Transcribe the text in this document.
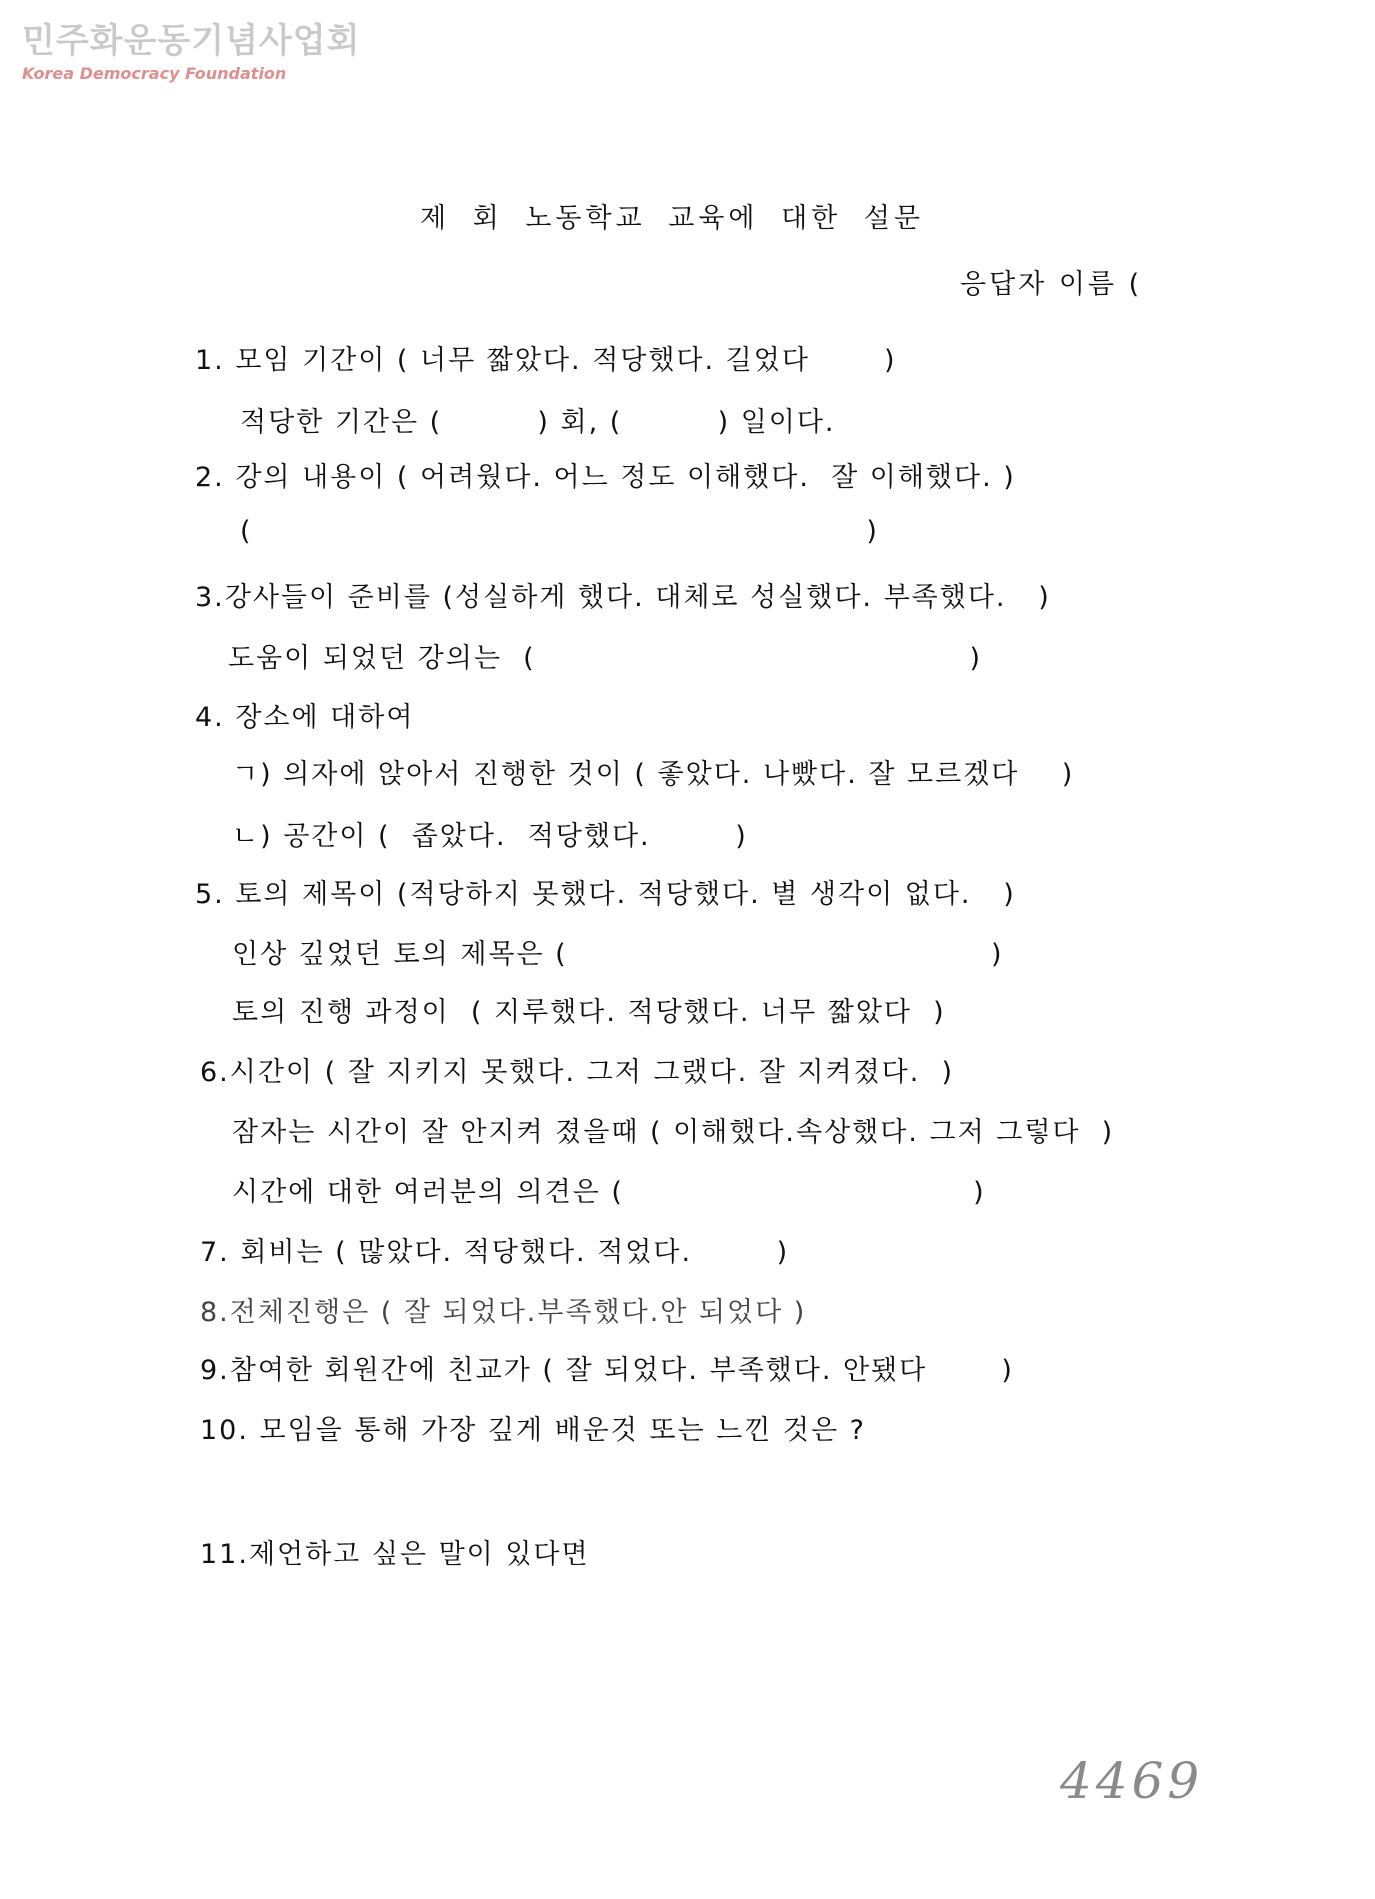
민주화운동기념사업회
Korea Democracy Foundation
제 회 노동학교 교육에 대한 설문
응답자 이름 (
1. 모임 기간이 ( 너무 짧았다. 적당했다. 길었다       )
적당한 기간은 (         ) 회, (         ) 일이다.
2. 강의 내용이 ( 어려웠다. 어느 정도 이해했다.  잘 이해했다. )
(                                                          )
3.강사들이 준비를 (성실하게 했다. 대체로 성실했다. 부족했다.   )
도움이 되었던 강의는  (                                         )
4. 장소에 대하여
ㄱ) 의자에 앉아서 진행한 것이 ( 좋았다. 나빴다. 잘 모르겠다    )
ㄴ) 공간이 (  좁았다.  적당했다.        )
5. 토의 제목이 (적당하지 못했다. 적당했다. 별 생각이 없다.   )
인상 깊었던 토의 제목은 (                                        )
토의 진행 과정이  ( 지루했다. 적당했다. 너무 짧았다  )
6.시간이 ( 잘 지키지 못했다. 그저 그랬다. 잘 지켜졌다.  )
잠자는 시간이 잘 안지켜 졌을때 ( 이해했다.속상했다. 그저 그렇다  )
시간에 대한 여러분의 의견은 (                                 )
7. 회비는 ( 많았다. 적당했다. 적었다.        )
8.전체진행은 ( 잘 되었다.부족했다.안 되었다 )
9.참여한 회원간에 친교가 ( 잘 되었다. 부족했다. 안됐다       )
10. 모임을 통해 가장 깊게 배운것 또는 느낀 것은 ?
11.제언하고 싶은 말이 있다면
4469
